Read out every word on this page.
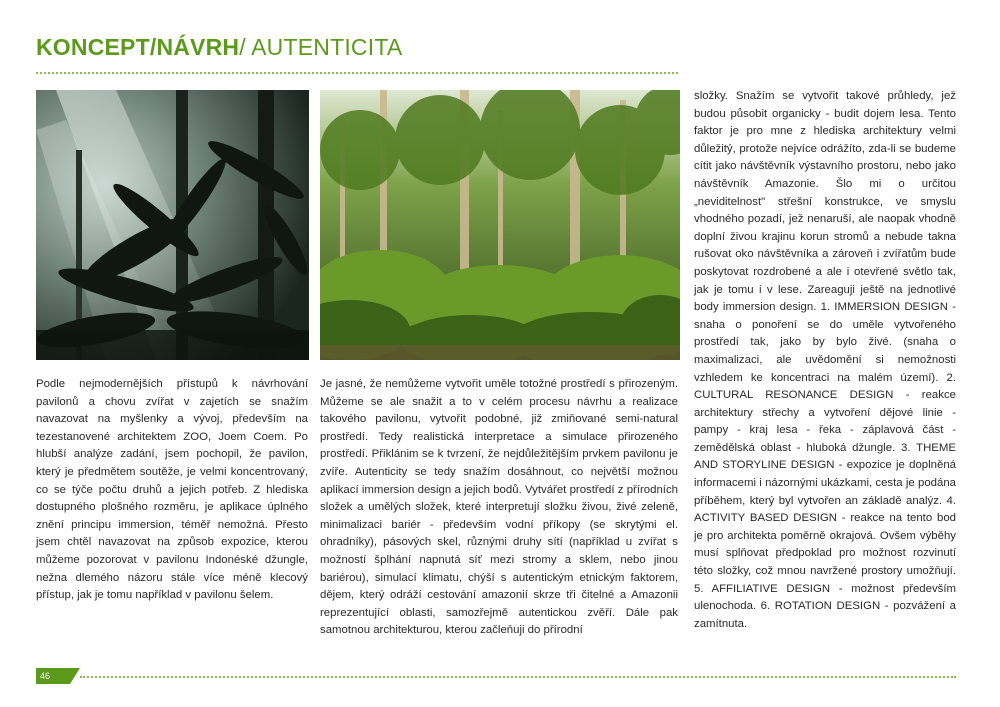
KONCEPT/NÁVRH/ AUTENTICITA
Podle nejmodernějších přístupů k návrhování pavilonů a chovu zvířat v zajetích se snažím navazovat na myšlenky a vývoj, především na tezestanovené architektem ZOO, Joem Coem. Po hlubší analýze zadání, jsem pochopil, že pavilon, který je předmětem soutěže, je velmi koncentrovaný, co se týče počtu druhů a jejich potřeb. Z hlediska dostupného plošného rozměru, je aplikace úplného znění principu immersion, téměř nemožná. Přesto jsem chtěl navazovat na způsob expozice, kterou můžeme pozorovat v pavilonu Indonéské džungle, nežna dlemého názoru stále více méně klecový přístup, jak je tomu například v pavilonu šelem.
Je jasné, že nemůžeme vytvořit uměle totožné prostředí s přirozeným. Můžeme se ale snažit a to v celém procesu návrhu a realizace takového pavilonu, vytvořit podobné, již zmiňované semi-natural prostředí. Tedy realistická interpretace a simulace přirozeného prostředí. Přiklánim se k tvrzení, že nejdůležitějším prvkem pavilonu je zvíře. Autenticity se tedy snažím dosáhnout, co největší možnou aplikací immersion design a jejich bodů. Vytvářet prostředí z přírodních složek a umělých složek, které interpretují složku živou, živé zeleně, minimalizaci bariér - především vodní příkopy (se skrytými el. ohradníky), pásových skel, různými druhy sítí (například u zvířat s možností šplhání napnutá síť mezi stromy a sklem, nebo jinou bariérou), simulací klimatu, chýší s autentickým etnickým faktorem, dějem, který odráží cestování amazonií skrze tři čitelné a Amazonii reprezentující oblasti, samozřejmě autentickou zvěří. Dále pak samotnou architekturou, kterou začleňuji do přírodní
složky. Snažím se vytvořit takové průhledy, jež budou působit organicky - budit dojem lesa. Tento faktor je pro mne z hlediska architektury velmi důležitý, protože nejvíce odrážíto, zda-li se budeme cítit jako návštěvník výstavního prostoru, nebo jako návštěvník Amazonie. Šlo mi o určitou „neviditelnost" střešní konstrukce, ve smyslu vhodného pozadí, jež nenaruší, ale naopak vhodně doplní živou krajinu korun stromů a nebude takna rušovat oko návštěvníka a zároveň i zvířatům bude poskytovat rozdrobené a ale i otevřené světlo tak, jak je tomu i v lese. Zareaguji ještě na jednotlivé body immersion design. 1. IMMERSION DESIGN - snaha o ponoření se do uměle vytvořeného prostředí tak, jako by bylo živé. (snaha o maximalizaci, ale uvědomění si nemožnosti vzhledem ke koncentraci na malém území). 2. CULTURAL RESONANCE DESIGN - reakce architektury střechy a vytvoření dějové linie - pampy - kraj lesa - řeka - záplavová část - zemědělská oblast - hluboká džungle. 3. THEME AND STORYLINE DESIGN - expozice je doplněná informacemi i názornými ukázkami, cesta je podána příběhem, který byl vytvořen an základě analýz. 4. ACTIVITY BASED DESIGN - reakce na tento bod je pro architekta poměrně okrajová. Ovšem výběhy musí splňovat předpoklad pro možnost rozvinutí této složky, což mnou navržené prostory umožňují. 5. AFFILIATIVE DESIGN - možnost především ulenochoda. 6. ROTATION DESIGN - pozvážení a zamítnuta.
46
